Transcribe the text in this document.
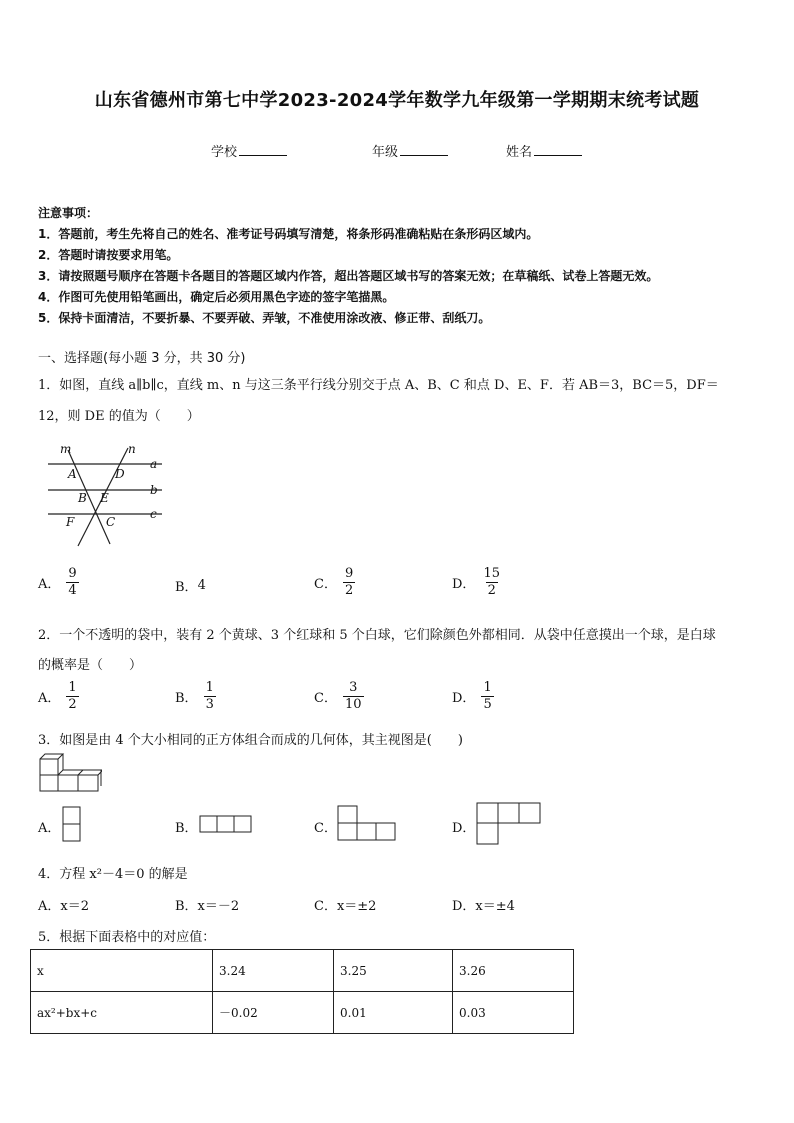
山东省德州市第七中学2023-2024学年数学九年级第一学期期末统考试题
学校	年级	姓名
注意事项：
1．答题前，考生先将自己的姓名、准考证号码填写清楚，将条形码准确粘贴在条形码区域内。
2．答题时请按要求用笔。
3．请按照题号顺序在答题卡各题目的答题区域内作答，超出答题区域书写的答案无效；在草稿纸、试卷上答题无效。
4．作图可先使用铅笔画出，确定后必须用黑色字迹的签字笔描黑。
5．保持卡面清洁，不要折暴、不要弄破、弄皱，不准使用涂改液、修正带、刮纸刀。
一、选择题(每小题 3 分，共 30 分)
1．如图，直线 a∥b∥c，直线 m、n 与这三条平行线分别交于点 A、B、C 和点 D、E、F．若 AB＝3，BC＝5，DF＝
12，则 DE 的值为（　　）
m	n
a
b
c
A	D
B E
F	C
A． $\frac{9}{4}$	B． 4	C． $\frac{9}{2}$	D． $\frac{15}{2}$
2．一个不透明的袋中，装有 2 个黄球、3 个红球和 5 个白球，它们除颜色外都相同．从袋中任意摸出一个球，是白球
的概率是（　　）
A． $\frac{1}{2}$	B． $\frac{1}{3}$	C． $\frac{3}{10}$	D． $\frac{1}{5}$
3．如图是由 4 个大小相同的正方体组合而成的几何体，其主视图是(　　)
A．	B．	C．	D．
4．方程 x²－4＝0 的解是
A．x＝2	B．x＝－2	C．x＝±2	D．x＝±4
5．根据下面表格中的对应值：
x	3.24	3.25	3.26
ax²+bx+c	－0.02	0.01	0.03
